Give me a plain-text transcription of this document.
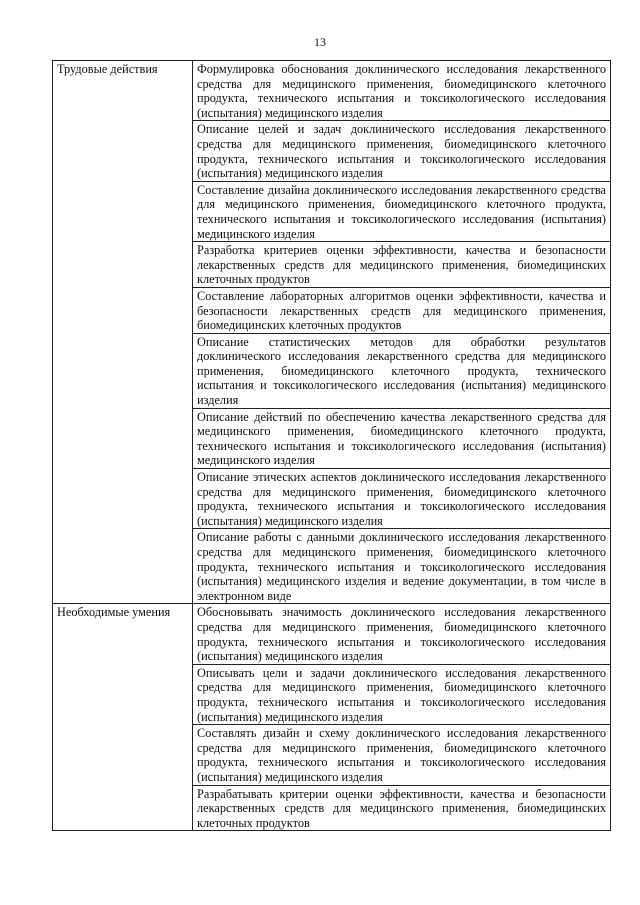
13
Трудовые действия	Формулировка обоснования доклинического исследования лекарственного средства для медицинского применения, биомедицинского клеточного продукта, технического испытания и токсикологического исследования (испытания) медицинского изделия
	Описание целей и задач доклинического исследования лекарственного средства для медицинского применения, биомедицинского клеточного продукта, технического испытания и токсикологического исследования (испытания) медицинского изделия
	Составление дизайна доклинического исследования лекарственного средства для медицинского применения, биомедицинского клеточного продукта, технического испытания и токсикологического исследования (испытания) медицинского изделия
	Разработка критериев оценки эффективности, качества и безопасности лекарственных средств для медицинского применения, биомедицинских клеточных продуктов
	Составление лабораторных алгоритмов оценки эффективности, качества и безопасности лекарственных средств для медицинского применения, биомедицинских клеточных продуктов
	Описание статистических методов для обработки результатов доклинического исследования лекарственного средства для медицинского применения, биомедицинского клеточного продукта, технического испытания и токсикологического исследования (испытания) медицинского изделия
	Описание действий по обеспечению качества лекарственного средства для медицинского применения, биомедицинского клеточного продукта, технического испытания и токсикологического исследования (испытания) медицинского изделия
	Описание этических аспектов доклинического исследования лекарственного средства для медицинского применения, биомедицинского клеточного продукта, технического испытания и токсикологического исследования (испытания) медицинского изделия
	Описание работы с данными доклинического исследования лекарственного средства для медицинского применения, биомедицинского клеточного продукта, технического испытания и токсикологического исследования (испытания) медицинского изделия и ведение документации, в том числе в электронном виде
Необходимые умения	Обосновывать значимость доклинического исследования лекарственного средства для медицинского применения, биомедицинского клеточного продукта, технического испытания и токсикологического исследования (испытания) медицинского изделия
	Описывать цели и задачи доклинического исследования лекарственного средства для медицинского применения, биомедицинского клеточного продукта, технического испытания и токсикологического исследования (испытания) медицинского изделия
	Составлять дизайн и схему доклинического исследования лекарственного средства для медицинского применения, биомедицинского клеточного продукта, технического испытания и токсикологического исследования (испытания) медицинского изделия
	Разрабатывать критерии оценки эффективности, качества и безопасности лекарственных средств для медицинского применения, биомедицинских клеточных продуктов
